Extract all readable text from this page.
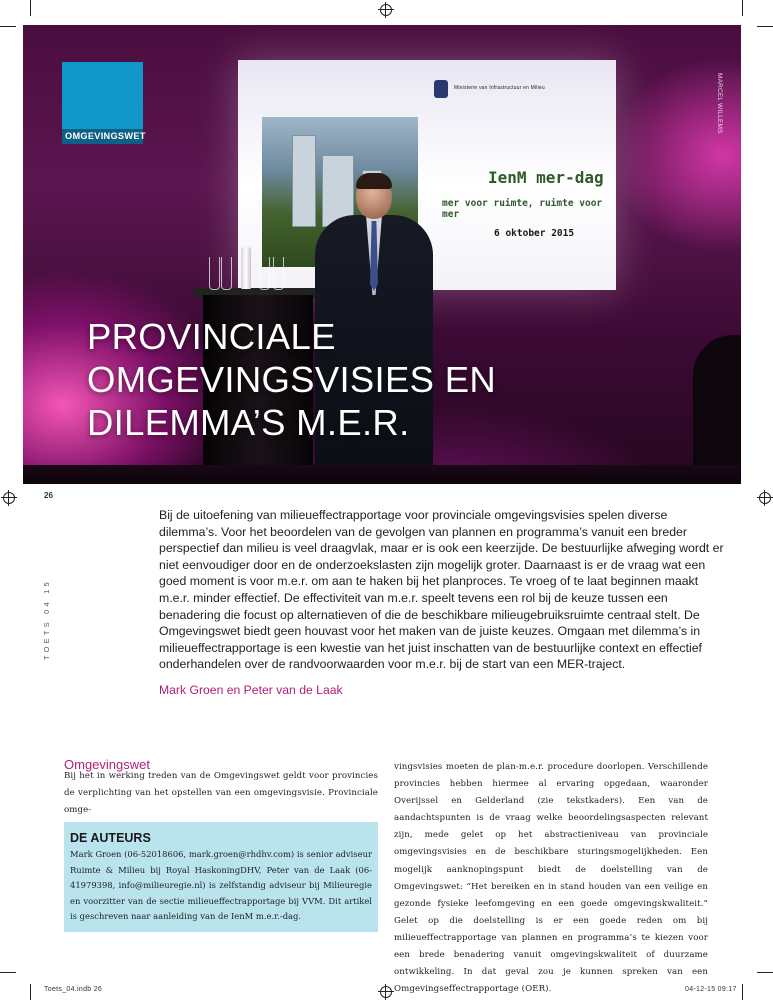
Ministerie van Infrastructuur en Milieu
IenM mer-dag
mer voor ruimte, ruimte voor mer
6 oktober 2015
OMGEVINGSWET
MARCEL WILLEMS
PROVINCIALE
OMGEVINGSVISIES EN
DILEMMA’S M.E.R.
26
TOETS 04 15
Bij de uitoefening van milieueffectrapportage voor provinciale omgevingsvisies spelen diverse dilemma’s. Voor het beoordelen van de gevolgen van plannen en programma’s vanuit een breder perspectief dan milieu is veel draagvlak, maar er is ook een keerzijde. De bestuurlijke afweging wordt er niet eenvoudiger door en de onderzoekslasten zijn mogelijk groter. Daarnaast is er de vraag wat een goed moment is voor m.e.r. om aan te haken bij het planproces. Te vroeg of te laat beginnen maakt m.e.r. minder effectief. De effectiviteit van m.e.r. speelt tevens een rol bij de keuze tussen een benadering die focust op alternatieven of die de beschikbare milieugebruiksruimte centraal stelt. De Omgevingswet biedt geen houvast voor het maken van de juiste keuzes. Omgaan met dilemma’s in milieueffectrapportage is een kwestie van het juist inschatten van de bestuurlijke context en effectief onderhandelen over de randvoorwaarden voor m.e.r. bij de start van een MER-traject.
Mark Groen en Peter van de Laak
Omgevingswet
Bij het in werking treden van de Omgevingswet geldt voor provincies de verplichting van het opstellen van een omgevingsvisie. Provinciale omge-
DE AUTEURS
Mark Groen (06-52018606, mark.groen@rhdhv.com) is senior adviseur Ruimte & Milieu bij Royal HaskoningDHV, Peter van de Laak (06-41979398, info@milieuregie.nl) is zelfstandig adviseur bij Milieuregie en voorzitter van de sectie milieueffectrapportage bij VVM. Dit artikel is geschreven naar aanleiding van de IenM m.e.r.-dag.
vingsvisies moeten de plan-m.e.r. procedure doorlopen. Verschillende provincies hebben hiermee al ervaring opgedaan, waaronder Overijssel en Gelderland (zie tekstkaders). Een van de aandachtspunten is de vraag welke beoordelingsaspecten relevant zijn, mede gelet op het abstractieniveau van provinciale omgevingsvisies en de beschikbare sturingsmogelijkheden. Een mogelijk aanknopingspunt biedt de doelstelling van de Omgevingswet: “Het bereiken en in stand houden van een veilige en gezonde fysieke leefomgeving en een goede omgevingskwaliteit.” Gelet op die doelstelling is er een goede reden om bij milieueffectrapportage van plannen en programma’s te kiezen voor een brede benadering vanuit omgevingskwaliteit of duurzame ontwikkeling. In dat geval zou je kunnen spreken van een Omgevingseffectrapportage (OER).
Toets_04.indb 26	04-12-15 09:17
